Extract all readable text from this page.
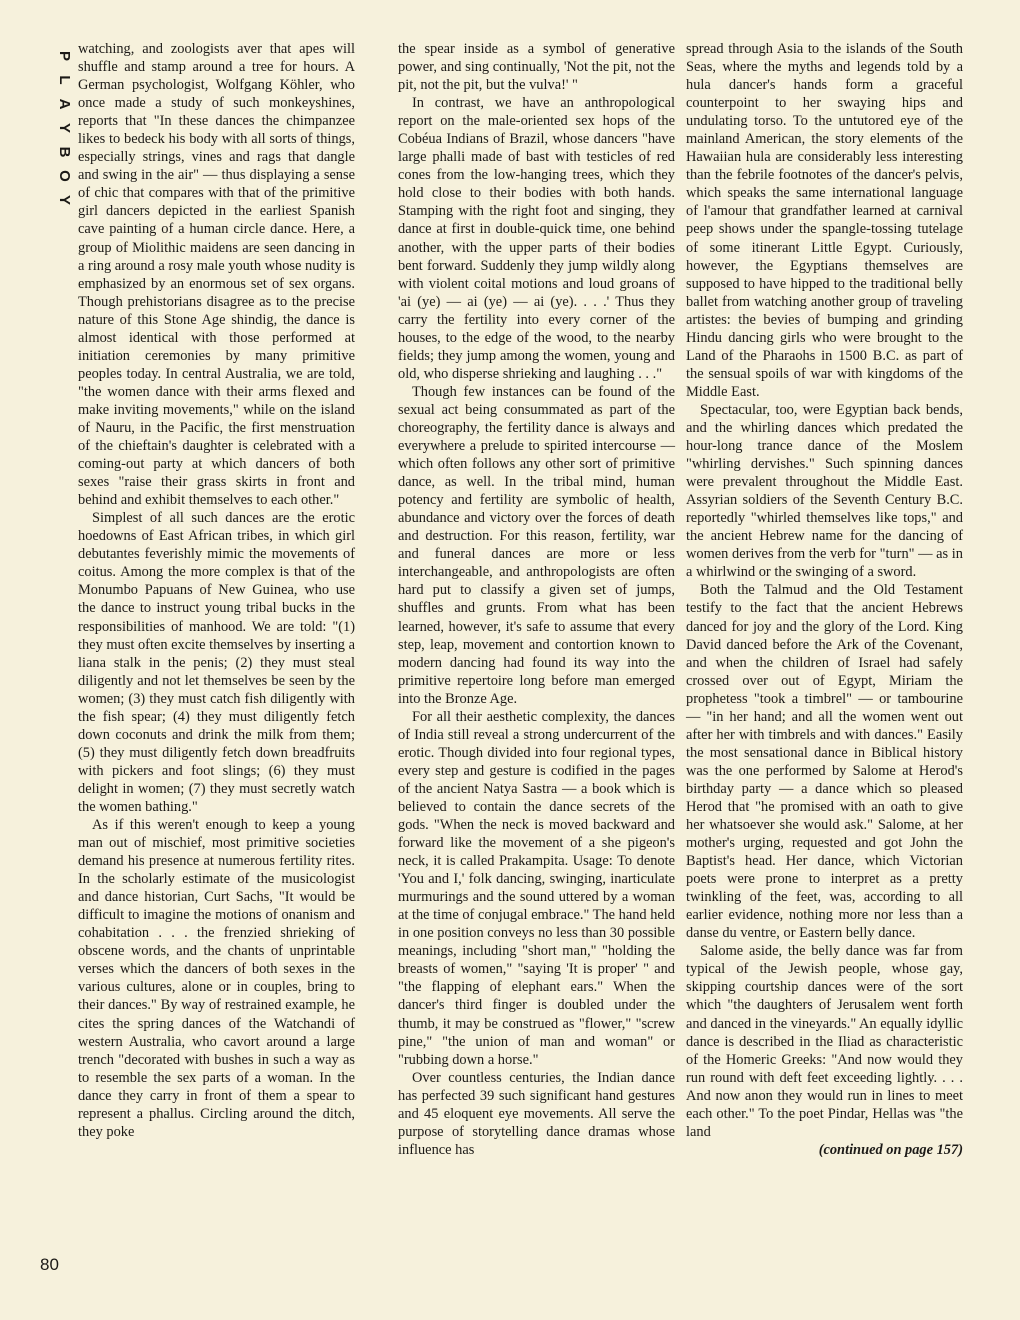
P
L
A
Y
B
O
Y

watching, and zoologists aver that apes will shuffle and stamp around a tree for hours. A German psychologist, Wolfgang Köhler, who once made a study of such monkeyshines, reports that "In these dances the chimpanzee likes to bedeck his body with all sorts of things, especially strings, vines and rags that dangle and swing in the air" — thus displaying a sense of chic that compares with that of the primitive girl dancers depicted in the earliest Spanish cave painting of a human circle dance. Here, a group of Miolithic maidens are seen dancing in a ring around a rosy male youth whose nudity is emphasized by an enormous set of sex organs. Though prehistorians disagree as to the precise nature of this Stone Age shindig, the dance is almost identical with those performed at initiation ceremonies by many primitive peoples today. In central Australia, we are told, "the women dance with their arms flexed and make inviting movements," while on the island of Nauru, in the Pacific, the first menstruation of the chieftain's daughter is celebrated with a coming-out party at which dancers of both sexes "raise their grass skirts in front and behind and exhibit themselves to each other."

Simplest of all such dances are the erotic hoedowns of East African tribes, in which girl debutantes feverishly mimic the movements of coitus. Among the more complex is that of the Monumbo Papuans of New Guinea, who use the dance to instruct young tribal bucks in the responsibilities of manhood. We are told: "(1) they must often excite themselves by inserting a liana stalk in the penis; (2) they must steal diligently and not let themselves be seen by the women; (3) they must catch fish diligently with the fish spear; (4) they must diligently fetch down coconuts and drink the milk from them; (5) they must diligently fetch down breadfruits with pickers and foot slings; (6) they must delight in women; (7) they must secretly watch the women bathing."

As if this weren't enough to keep a young man out of mischief, most primitive societies demand his presence at numerous fertility rites. In the scholarly estimate of the musicologist and dance historian, Curt Sachs, "It would be difficult to imagine the motions of onanism and cohabitation . . . the frenzied shrieking of obscene words, and the chants of unprintable verses which the dancers of both sexes in the various cultures, alone or in couples, bring to their dances." By way of restrained example, he cites the spring dances of the Watchandi of western Australia, who cavort around a large trench "decorated with bushes in such a way as to resemble the sex parts of a woman. In the dance they carry in front of them a spear to represent a phallus. Circling around the ditch, they poke

the spear inside as a symbol of generative power, and sing continually, 'Not the pit, not the pit, not the pit, but the vulva!' "

In contrast, we have an anthropological report on the male-oriented sex hops of the Cobéua Indians of Brazil, whose dancers "have large phalli made of bast with testicles of red cones from the low-hanging trees, which they hold close to their bodies with both hands. Stamping with the right foot and singing, they dance at first in double-quick time, one behind another, with the upper parts of their bodies bent forward. Suddenly they jump wildly along with violent coital motions and loud groans of 'ai (ye) — ai (ye) — ai (ye). . . .' Thus they carry the fertility into every corner of the houses, to the edge of the wood, to the nearby fields; they jump among the women, young and old, who disperse shrieking and laughing . . ."

Though few instances can be found of the sexual act being consummated as part of the choreography, the fertility dance is always and everywhere a prelude to spirited intercourse — which often follows any other sort of primitive dance, as well. In the tribal mind, human potency and fertility are symbolic of health, abundance and victory over the forces of death and destruction. For this reason, fertility, war and funeral dances are more or less interchangeable, and anthropologists are often hard put to classify a given set of jumps, shuffles and grunts. From what has been learned, however, it's safe to assume that every step, leap, movement and contortion known to modern dancing had found its way into the primitive repertoire long before man emerged into the Bronze Age.

For all their aesthetic complexity, the dances of India still reveal a strong undercurrent of the erotic. Though divided into four regional types, every step and gesture is codified in the pages of the ancient Natya Sastra — a book which is believed to contain the dance secrets of the gods. "When the neck is moved backward and forward like the movement of a she pigeon's neck, it is called Prakampita. Usage: To denote 'You and I,' folk dancing, swinging, inarticulate murmurings and the sound uttered by a woman at the time of conjugal embrace." The hand held in one position conveys no less than 30 possible meanings, including "short man," "holding the breasts of women," "saying 'It is proper' " and "the flapping of elephant ears." When the dancer's third finger is doubled under the thumb, it may be construed as "flower," "screw pine," "the union of man and woman" or "rubbing down a horse."

Over countless centuries, the Indian dance has perfected 39 such significant hand gestures and 45 eloquent eye movements. All serve the purpose of storytelling dance dramas whose influence has

spread through Asia to the islands of the South Seas, where the myths and legends told by a hula dancer's hands form a graceful counterpoint to her swaying hips and undulating torso. To the untutored eye of the mainland American, the story elements of the Hawaiian hula are considerably less interesting than the febrile footnotes of the dancer's pelvis, which speaks the same international language of l'amour that grandfather learned at carnival peep shows under the spangle-tossing tutelage of some itinerant Little Egypt. Curiously, however, the Egyptians themselves are supposed to have hipped to the traditional belly ballet from watching another group of traveling artistes: the bevies of bumping and grinding Hindu dancing girls who were brought to the Land of the Pharaohs in 1500 B.C. as part of the sensual spoils of war with kingdoms of the Middle East.

Spectacular, too, were Egyptian back bends, and the whirling dances which predated the hour-long trance dance of the Moslem "whirling dervishes." Such spinning dances were prevalent throughout the Middle East. Assyrian soldiers of the Seventh Century B.C. reportedly "whirled themselves like tops," and the ancient Hebrew name for the dancing of women derives from the verb for "turn" — as in a whirlwind or the swinging of a sword.

Both the Talmud and the Old Testament testify to the fact that the ancient Hebrews danced for joy and the glory of the Lord. King David danced before the Ark of the Covenant, and when the children of Israel had safely crossed over out of Egypt, Miriam the prophetess "took a timbrel" — or tambourine — "in her hand; and all the women went out after her with timbrels and with dances." Easily the most sensational dance in Biblical history was the one performed by Salome at Herod's birthday party — a dance which so pleased Herod that "he promised with an oath to give her whatsoever she would ask." Salome, at her mother's urging, requested and got John the Baptist's head. Her dance, which Victorian poets were prone to interpret as a pretty twinkling of the feet, was, according to all earlier evidence, nothing more nor less than a danse du ventre, or Eastern belly dance.

Salome aside, the belly dance was far from typical of the Jewish people, whose gay, skipping courtship dances were of the sort which "the daughters of Jerusalem went forth and danced in the vineyards." An equally idyllic dance is described in the Iliad as characteristic of the Homeric Greeks: "And now would they run round with deft feet exceeding lightly. . . . And now anon they would run in lines to meet each other." To the poet Pindar, Hellas was "the land

(continued on page 157)

80
